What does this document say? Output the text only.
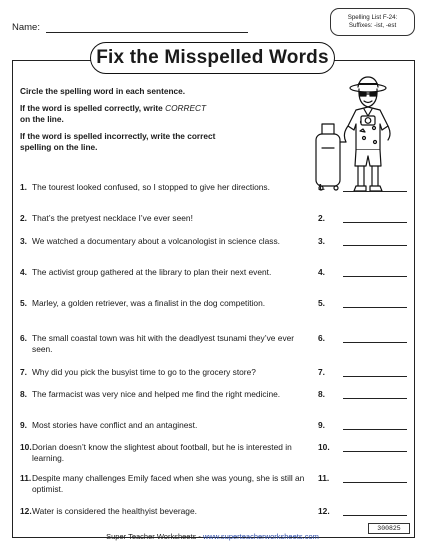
Name:
Spelling List F-24:
Suffixes: -ist, -est
Fix the Misspelled Words
Circle the spelling word in each sentence.
If the word is spelled correctly, write CORRECT
on the line.
If the word is spelled incorrectly, write the correct
spelling on the line.
1. The tourest looked confused, so I stopped to give her directions.	1.
2. That’s the pretyest necklace I’ve ever seen!	2.
3. We watched a documentary about a volcanologist in science class.	3.
4. The activist group gathered at the library to plan their next event.	4.
5. Marley, a golden retriever, was a finalist in the dog competition.	5.
6. The small coastal town was hit with the deadlyest tsunami they’ve ever seen.
6.
7. Why did you pick the busyist time to go to the grocery store?	7.
8. The farmacist was very nice and helped me find the right medicine.	8.
9. Most stories have conflict and an antaginest.	9.
10.Dorian doesn’t know the slightest about football, but he is interested in learning.
10.
11.Despite many challenges Emily faced when she was young, she is still an optimist.
11.
12.Water is considered the healthyist beverage.	12.
300825
Super Teacher Worksheets - www.superteacherworksheets.com
